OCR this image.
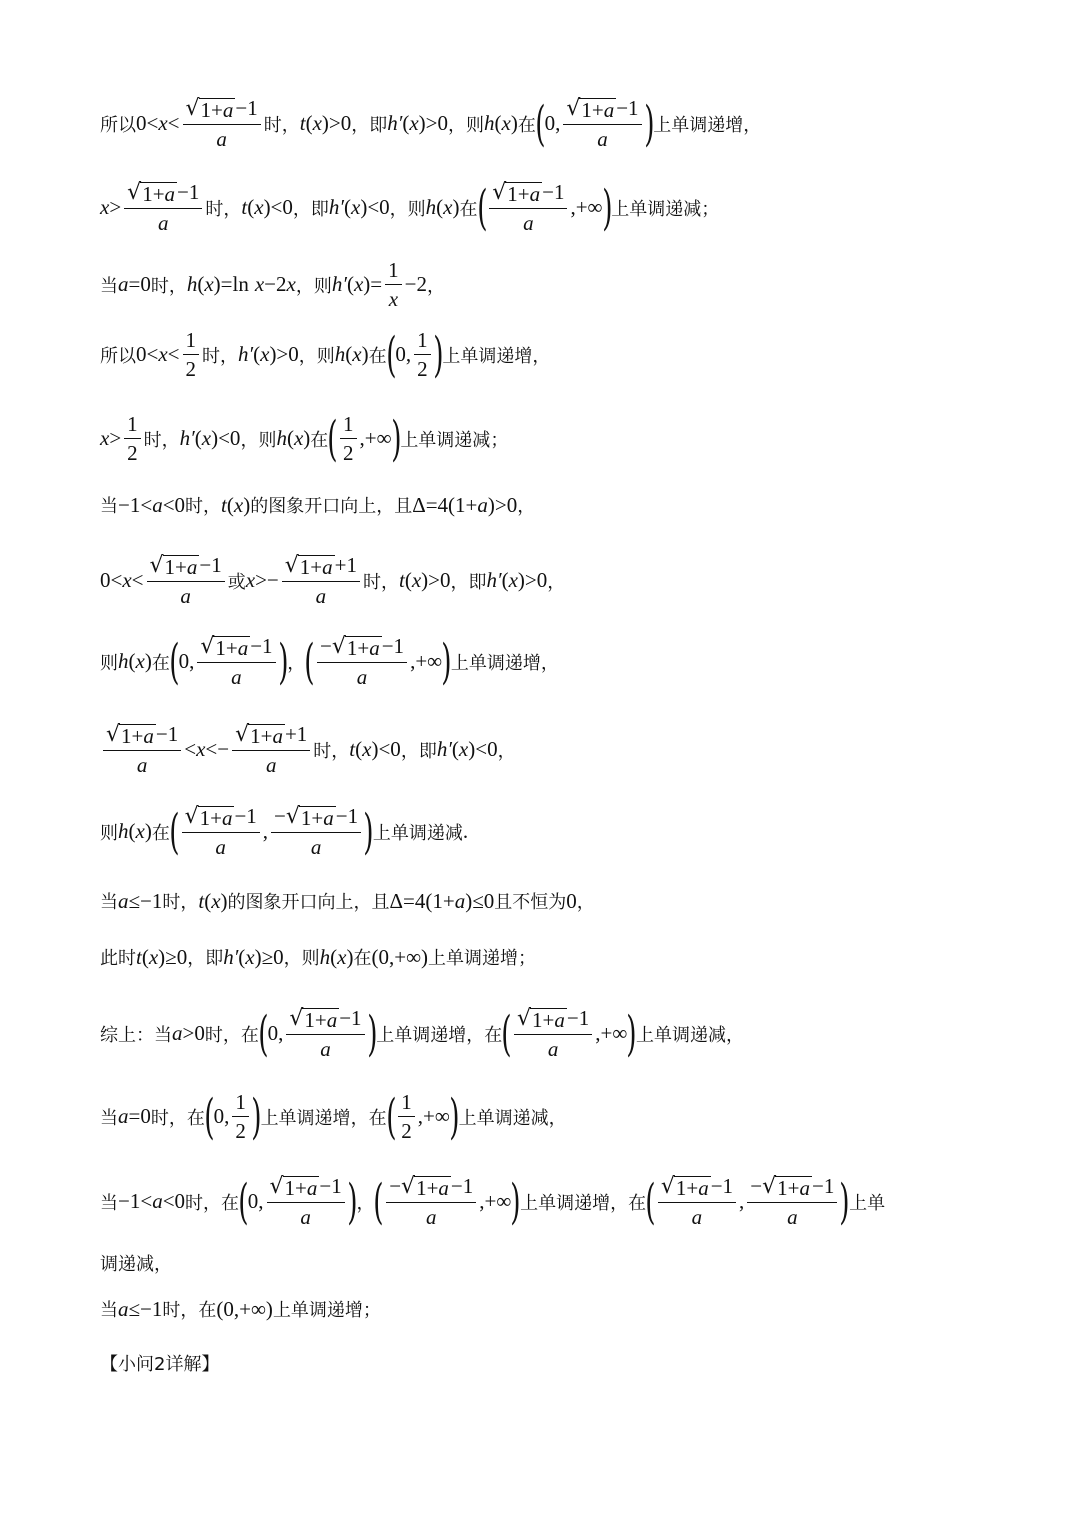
所以 $0< x < \frac{√ 1+a -1}{a}$ 时 ， t ( x )>0 ， 即 h′ ( x )>0 ， 则 h ( x ) 在 ( 0, $\frac{√ 1+a -1}{a}$ ) 上单调递增 ，
$x > \frac{√ 1+a -1}{a}$ 时 ， t ( x )<0 ， 即 h′ ( x )<0 ， 则 h ( x ) 在 ( $\frac{√ 1+a -1}{a}$ ,+∞ ) 上单调递减 ；
当 a =0 时 ， h ( x )=ln x −2 x ， 则 h′ ( x )= $\frac{1}{x} -2$ ，
所以 $0< x < \frac{1}{2}$ 时 ， h′ ( x )>0 ， 则 h ( x ) 在 ( 0, $\frac{1}{2}$ ) 上单调递增 ，
$x > \frac{1}{2}$ 时 ， h′ ( x )<0 ， 则 h ( x ) 在 ( $\frac{1}{2}$ ,+∞ ) 上单调递减 ；
当 −1< a <0 时 ， t ( x ) 的图象开口向上，且 Δ=4(1+ a )>0 ，
$0< x < \frac{√ 1+a -1}{a}$ 或 $x >- \frac{√ 1+a +1}{a}$ 时 ， t ( x )>0 ， 即 h′ ( x )>0 ，
则 h ( x ) 在 ( 0, $\frac{√ 1+a -1}{a}$ ) ， ( $\frac{- √ 1+a -1}{a}$ ,+∞ ) 上单调递增 ，
$\frac{√ 1+a -1}{a} < x <- \frac{√ 1+a +1}{a}$ 时 ， t ( x )<0 ， 即 h′ ( x )<0 ，
则 h ( x ) 在 ( $\frac{√ 1+a -1}{a}$ , $\frac{- √ 1+a -1}{a}$ ) 上单调递减 .
当 a ≤−1 时 ， t ( x ) 的图象开口向上，且 Δ=4(1+ a )≤0 且不恒为 0 ，
此时 t ( x )≥0 ， 即 h′ ( x )≥0 ， 则 h ( x ) 在 (0,+∞) 上单调递增；
综上：当 a >0 时 ， 在 ( 0, $\frac{√ 1+a -1}{a}$ ) 上单调递增 ， 在 ( $\frac{√ 1+a -1}{a}$ ,+∞ ) 上单调递减 ，
当 a =0 时 ， 在 ( 0, $\frac{1}{2}$ ) 上单调递增 ， 在 ( $\frac{1}{2}$ ,+∞ ) 上单调递减 ，
当 −1< a <0 时 ， 在 ( 0, $\frac{√ 1+a -1}{a}$ ) ， ( $\frac{- √ 1+a -1}{a}$ ,+∞ ) 上单调递增 ， 在 ( $\frac{√ 1+a -1}{a}$ , $\frac{- √ 1+a -1}{a}$ ) 上单
调递减，
当 a ≤−1 时 ， 在 (0,+∞) 上单调递增；
【小问2详解】
